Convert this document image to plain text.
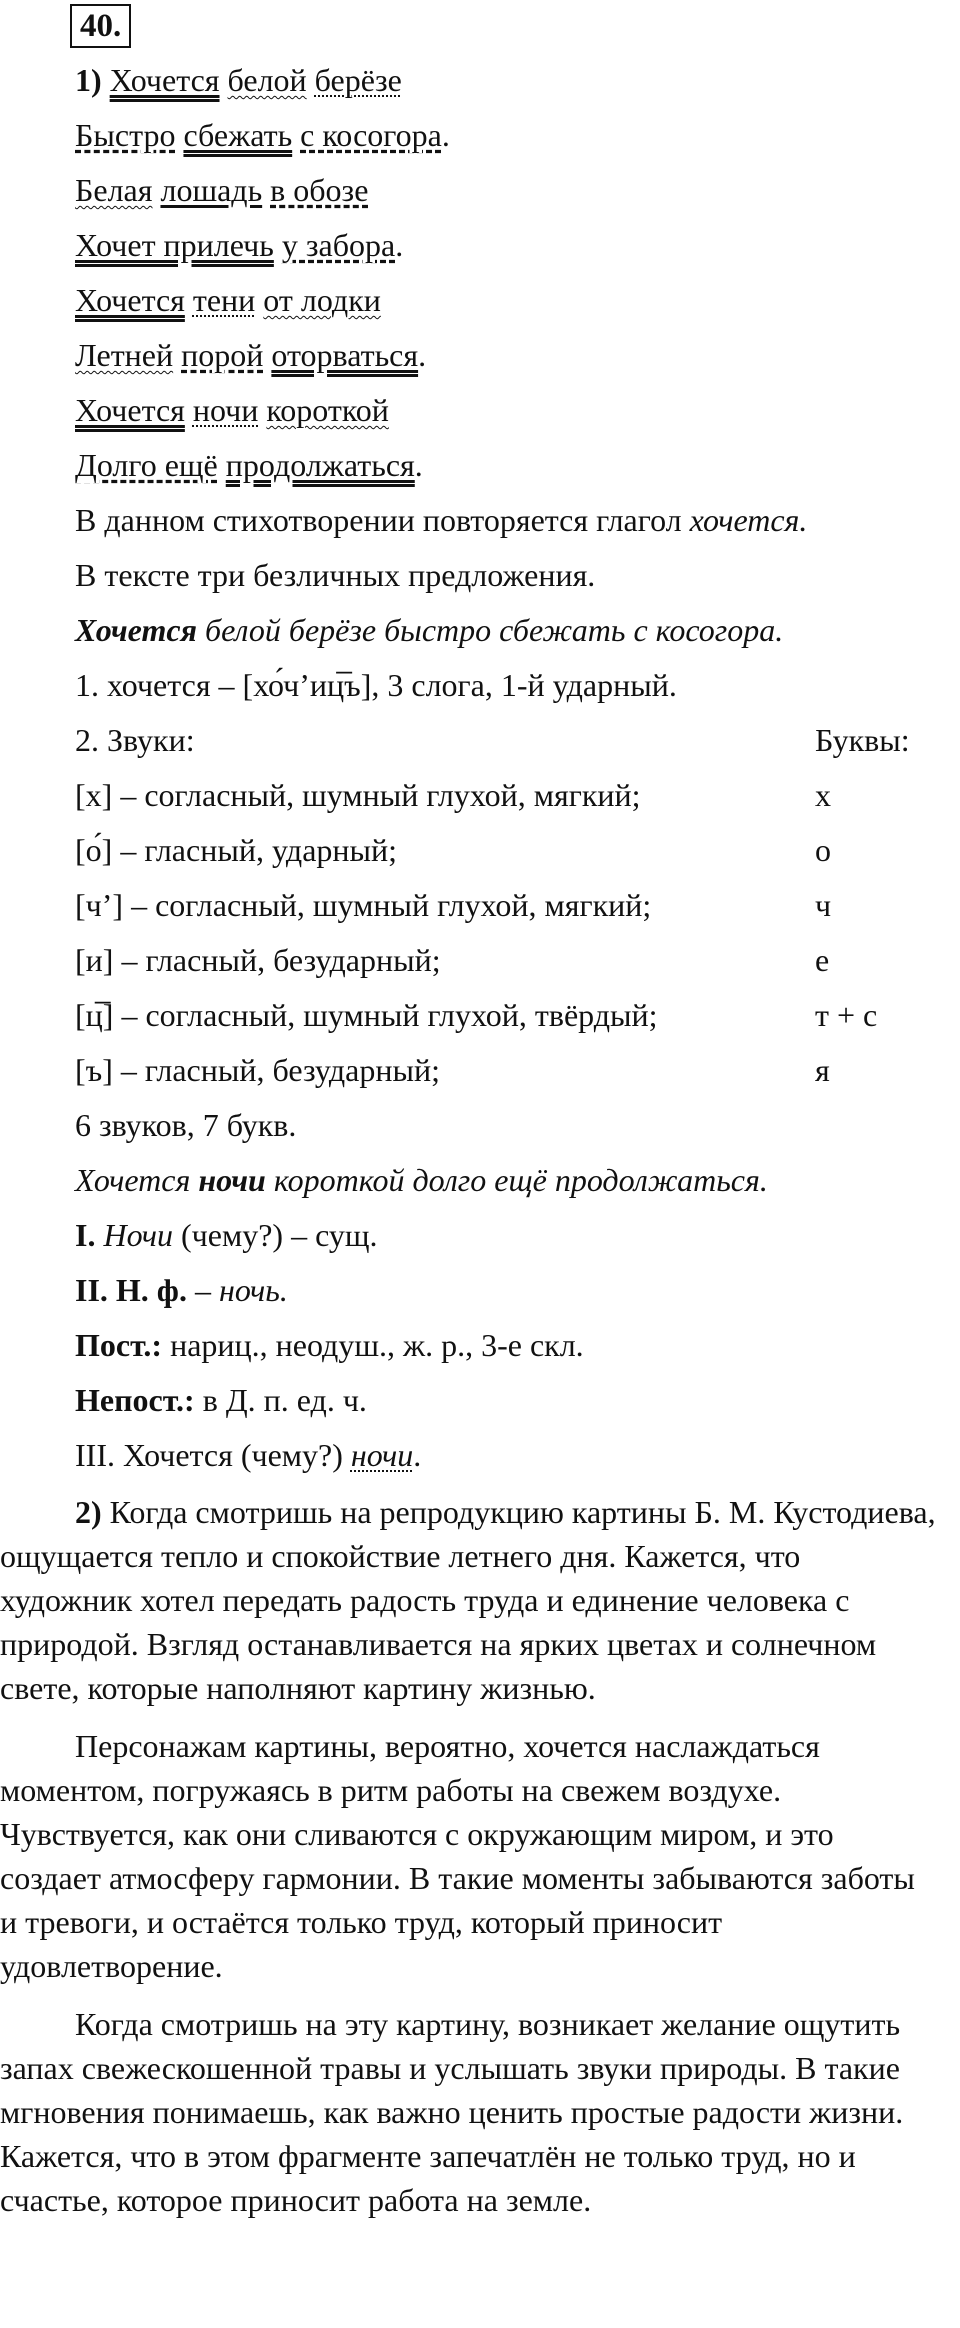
40.
1) Хочется белой берёзе
Быстро сбежать с косогора.
Белая лошадь в обозе
Хочет прилечь у забора.
Хочется тени от лодки
Летней порой оторваться.
Хочется ночи короткой
Долго ещё продолжаться.
В данном стихотворении повторяется глагол хочется.
В тексте три безличных предложения.
Хочется белой берёзе быстро сбежать с косогора.
1. хочется – [хо́ч’иц̅ъ], 3 слога, 1-й ударный.
2. Звуки:	Буквы:
[х] – согласный, шумный глухой, мягкий;	х
[о́] – гласный, ударный;	о
[ч’] – согласный, шумный глухой, мягкий;	ч
[и] – гласный, безударный;	е
[ц̅] – согласный, шумный глухой, твёрдый;	т + с
[ъ] – гласный, безударный;	я
6 звуков, 7 букв.
Хочется ночи короткой долго ещё продолжаться.
I. Ночи (чему?) – сущ.
II. Н. ф. – ночь.
Пост.: нариц., неодуш., ж. р., 3-е скл.
Непост.: в Д. п. ед. ч.
III. Хочется (чему?) ночи.

2) Когда смотришь на репродукцию картины Б. М. Кустодиева, ощущается тепло и спокойствие летнего дня. Кажется, что художник хотел передать радость труда и единение человека с природой. Взгляд останавливается на ярких цветах и солнечном свете, которые наполняют картину жизнью.

Персонажам картины, вероятно, хочется наслаждаться моментом, погружаясь в ритм работы на свежем воздухе. Чувствуется, как они сливаются с окружающим миром, и это создает атмосферу гармонии. В такие моменты забываются заботы и тревоги, и остаётся только труд, который приносит удовлетворение.

Когда смотришь на эту картину, возникает желание ощутить запах свежескошенной травы и услышать звуки природы. В такие мгновения понимаешь, как важно ценить простые радости жизни. Кажется, что в этом фрагменте запечатлён не только труд, но и счастье, которое приносит работа на земле.
